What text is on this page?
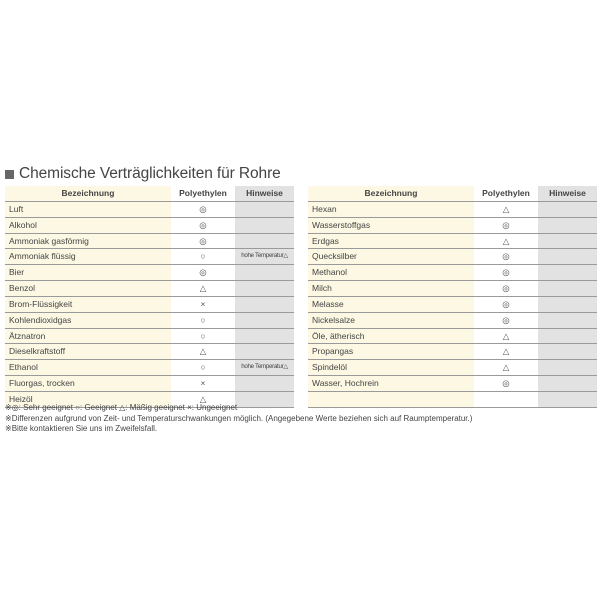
Chemische Verträglichkeiten für Rohre
Bezeichnung	Polyethylen	Hinweise
Luft	◎	
Alkohol	◎	
Ammoniak gasförmig	◎	
Ammoniak flüssig	○	hohe Temperatur△
Bier	◎	
Benzol	△	
Brom-Flüssigkeit	×	
Kohlendioxidgas	○	
Ätznatron	○	
Dieselkraftstoff	△	
Ethanol	○	hohe Temperatur△
Fluorgas, trocken	×	
Heizöl	△	
Bezeichnung	Polyethylen	Hinweise
Hexan	△	
Wasserstoffgas	◎	
Erdgas	△	
Quecksilber	◎	
Methanol	◎	
Milch	◎	
Melasse	◎	
Nickelsalze	◎	
Öle, ätherisch	△	
Propangas	△	
Spindelöl	△	
Wasser, Hochrein	◎	

※◎: Sehr geeignet ○: Geeignet △: Mäßig geeignet ×: Ungeeignet
※Differenzen aufgrund von Zeit- und Temperaturschwankungen möglich. (Angegebene Werte beziehen sich auf Raumptemperatur.)
※Bitte kontaktieren Sie uns im Zweifelsfall.
